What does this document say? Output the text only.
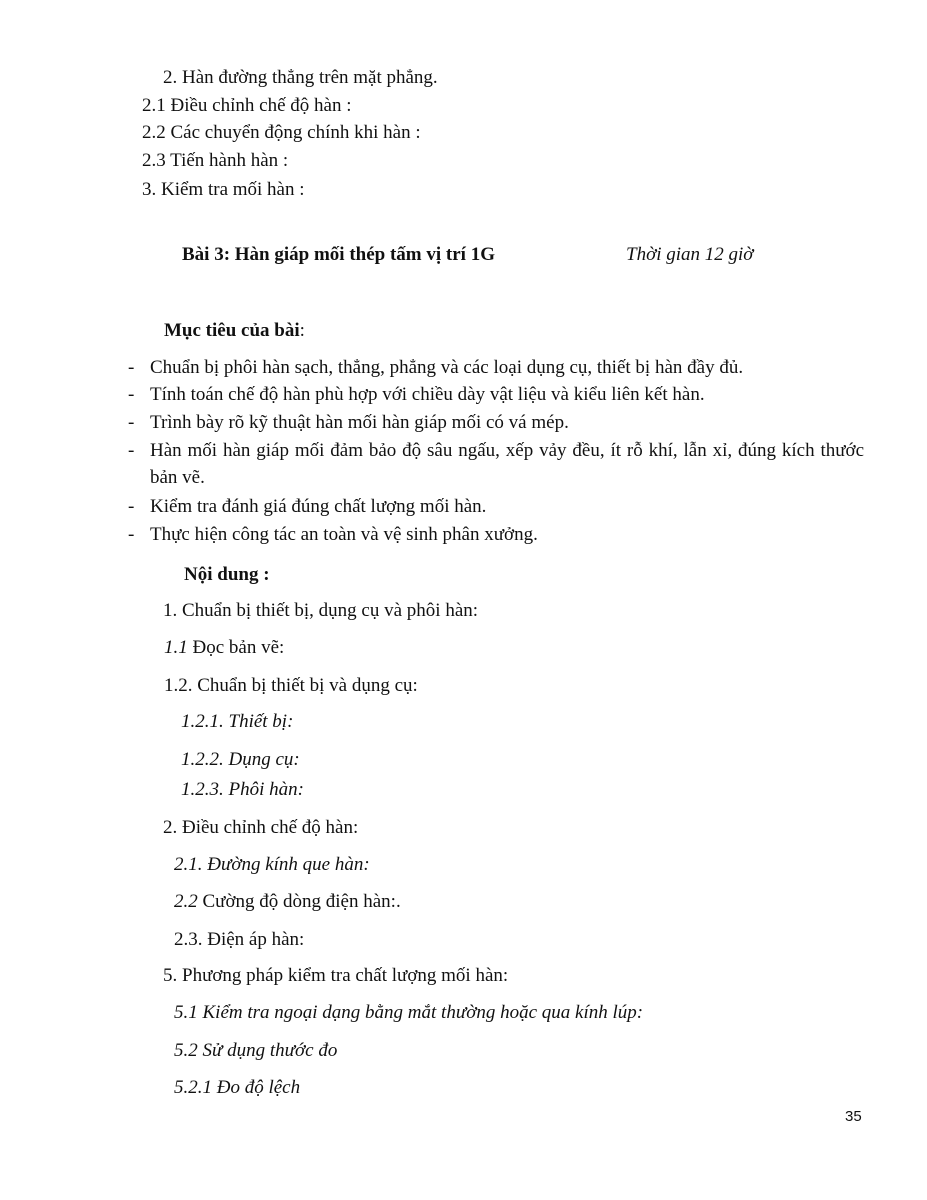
2. Hàn đường thẳng trên mặt phẳng.
2.1 Điều chỉnh chế độ hàn :
2.2 Các chuyển động chính khi hàn :
2.3 Tiến hành hàn :
3. Kiểm tra mối hàn :
Bài 3: Hàn giáp mối thép tấm vị trí 1G	Thời gian 12 giờ
Mục tiêu của bài:
- Chuẩn bị phôi hàn sạch, thẳng, phẳng và các loại dụng cụ, thiết bị hàn đầy đủ.
- Tính toán chế độ hàn phù hợp với chiều dày vật liệu và kiểu liên kết hàn.
- Trình bày rõ kỹ thuật hàn mối hàn giáp mối có vá mép.
- Hàn mối hàn giáp mối đảm bảo độ sâu ngấu, xếp vảy đều, ít rỗ khí, lẫn xỉ, đúng kích thước bản vẽ.
- Kiểm tra đánh giá đúng chất lượng mối hàn.
- Thực hiện công tác an toàn và vệ sinh phân xưởng.
Nội dung :
1. Chuẩn bị thiết bị, dụng cụ và phôi hàn:
1.1 Đọc bản vẽ:
1.2. Chuẩn bị thiết bị và dụng cụ:
1.2.1. Thiết bị:
1.2.2. Dụng cụ:
1.2.3. Phôi hàn:
2. Điều chỉnh chế độ hàn:
2.1. Đường kính que hàn:
2.2 Cường độ dòng điện hàn:.
2.3. Điện áp hàn:
5. Phương pháp kiểm tra chất lượng mối hàn:
5.1 Kiểm tra ngoại dạng bằng mắt thường hoặc qua kính lúp:
5.2 Sử dụng thước đo
5.2.1 Đo độ lệch
35
